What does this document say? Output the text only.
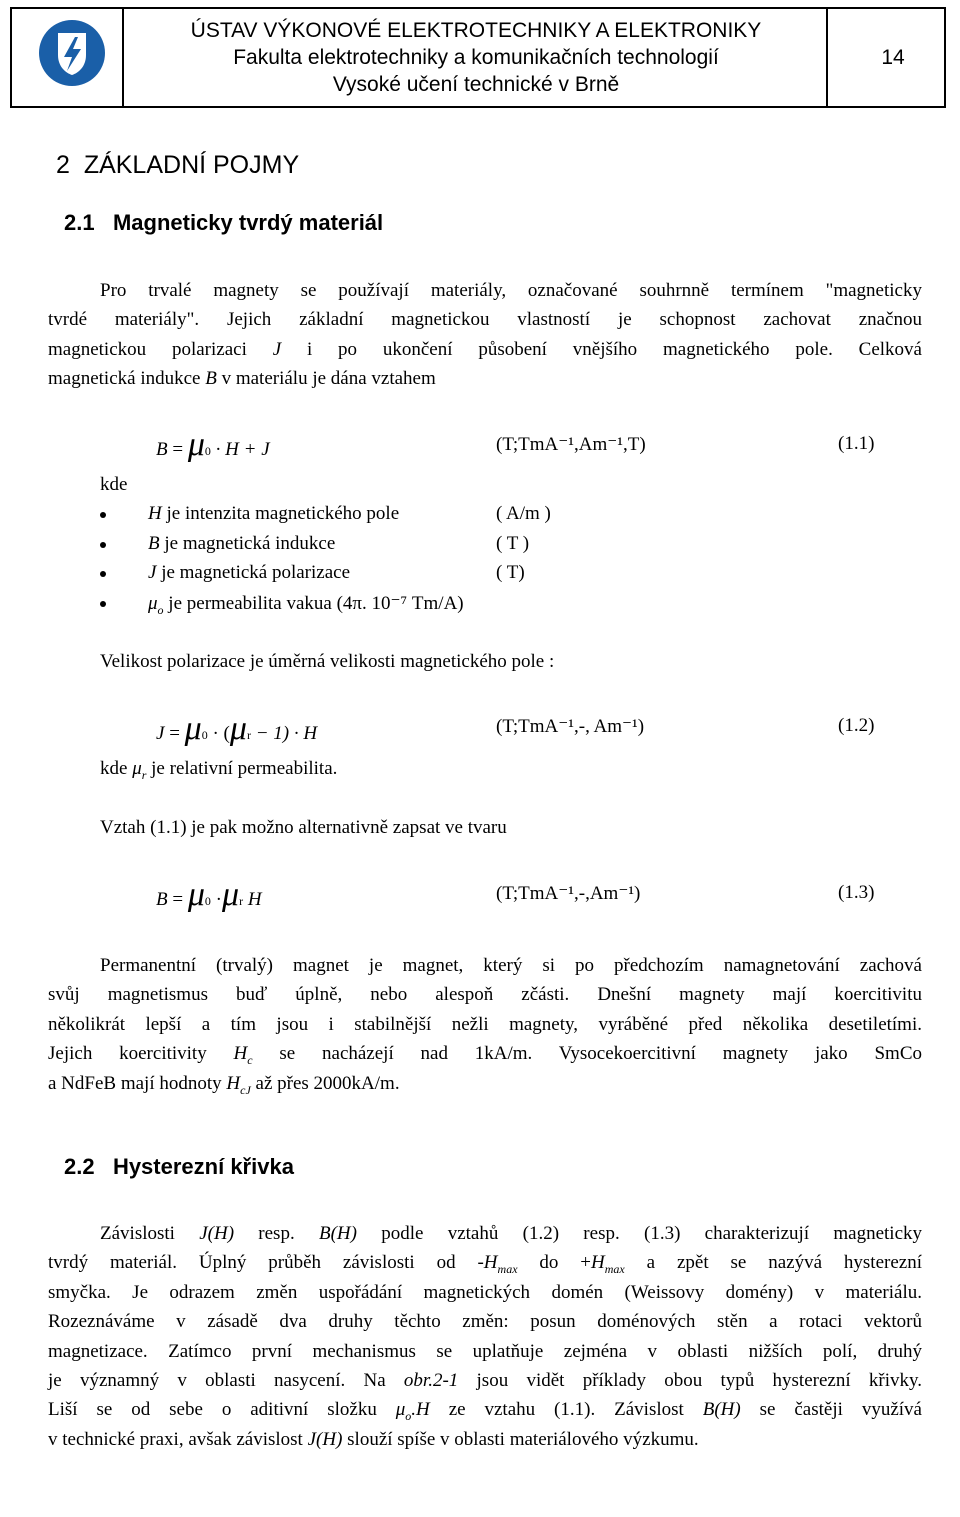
ÚSTAV VÝKONOVÉ ELEKTROTECHNIKY A ELEKTRONIKY
Fakulta elektrotechniky a komunikačních technologií
Vysoké učení technické v Brně
14
2 ZÁKLADNÍ POJMY
2.1 Magneticky tvrdý materiál
Pro trvalé magnety se používají materiály, označované souhrnně termínem "magneticky
tvrdé materiály". Jejich základní magnetickou vlastností je schopnost zachovat značnou
magnetickou polarizaci J i po ukončení působení vnějšího magnetického pole. Celková
magnetická indukce B v materiálu je dána vztahem
B = μ0 · H + J	(T;TmA⁻¹,Am⁻¹,T)	(1.1)
kde
H je intenzita magnetického pole	( A/m )
B je magnetická indukce	( T )
J je magnetická polarizace	( T)
$\mu_o$ je permeabilita vakua (4π. 10⁻⁷ Tm/A)
Velikost polarizace je úměrná velikosti magnetického pole :
J = μ0 · (μr − 1) · H	(T;TmA⁻¹,-, Am⁻¹)	(1.2)
kde $\mu_r$ je relativní permeabilita.
Vztah (1.1) je pak možno alternativně zapsat ve tvaru
B = μ0 ·μr H	(T;TmA⁻¹,-,Am⁻¹)	(1.3)
Permanentní (trvalý) magnet je magnet, který si po předchozím namagnetování zachová
svůj magnetismus buď úplně, nebo alespoň zčásti. Dnešní magnety mají koercitivitu
několikrát lepší a tím jsou i stabilnější nežli magnety, vyráběné před několika desetiletími.
Jejich koercitivity $H_c$ se nacházejí nad 1kA/m. Vysocekoercitivní magnety jako SmCo
a NdFeB mají hodnoty $H_{cJ}$ až přes 2000kA/m.
2.2 Hysterezní křivka
Závislosti J(H) resp. B(H) podle vztahů (1.2) resp. (1.3) charakterizují magneticky
tvrdý materiál. Úplný průběh závislosti od $-H_{max}$ do $+H_{max}$ a zpět se nazývá hysterezní
smyčka. Je odrazem změn uspořádání magnetických domén (Weissovy domény) v materiálu.
Rozeznáváme v zásadě dva druhy těchto změn: posun doménových stěn a rotaci vektorů
magnetizace. Zatímco první mechanismus se uplatňuje zejména v oblasti nižších polí, druhý
je významný v oblasti nasycení. Na obr.2-1 jsou vidět příklady obou typů hysterezní křivky.
Liší se od sebe o aditivní složku $\mu_o.H$ ze vztahu (1.1). Závislost B(H) se častěji využívá
v technické praxi, avšak závislost J(H) slouží spíše v oblasti materiálového výzkumu.
